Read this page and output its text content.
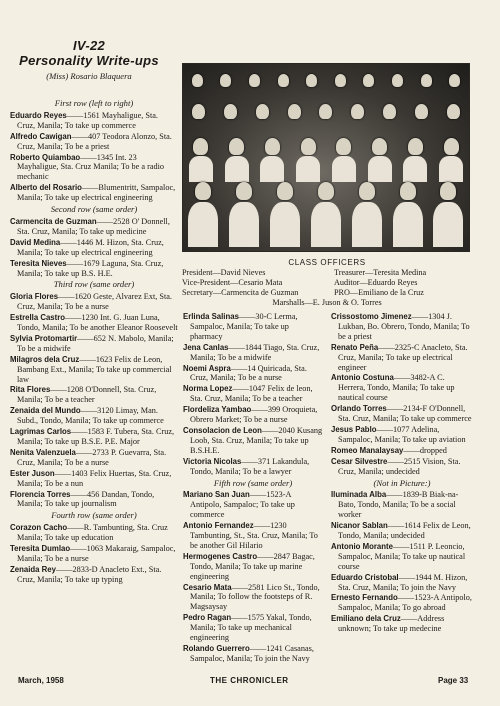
IV-22
Personality Write-ups
(Miss) Rosario Blaquera
CLASS OFFICERS
President—David Nieves
Vice-President—Cesario Mata
Secretary—Carmencita de Guzman
Treasurer—Teresita Medina
Auditor—Eduardo Reyes
PRO—Emiliano de la Cruz
Marshalls—E. Juson & O. Torres
First row (left to right)
Eduardo Reyes——1561 Mayhaligue, Sta. Cruz, Manila; To take up commerce
Alfredo Cawigan——407 Teodora Alonzo, Sta. Cruz, Manila; To be a priest
Roberto Quiambao——1345 Int. 23 Mayhaligue, Sta. Cruz Manila; To be a radio mechanic
Alberto del Rosario——Blumentritt, Sampaloc, Manila; To take up electrical engineering
Second row (same order)
Carmencita de Guzman——2528 O' Donnell, Sta. Cruz, Manila; To take up medicine
David Medina——1446 M. Hizon, Sta. Cruz, Manila; To take up electrical engineering
Teresita Nieves——1679 Laguna, Sta. Cruz, Manila; To take up B.S. H.E.
Third row (same order)
Gloria Flores——1620 Geste, Alvarez Ext, Sta. Cruz, Manila; To be a nurse
Estrella Castro——1230 Int. G. Juan Luna, Tondo, Manila; To be another Eleanor Roosevelt
Sylvia Protomartir——652 N. Mabolo, Manila; To be a midwife
Milagros dela Cruz——1623 Felix de Leon, Bambang Ext., Manila; To take up commercial law
Rita Flores——1208 O'Donnell, Sta. Cruz, Manila; To be a teacher
Zenaida del Mundo——3120 Limay, Man. Subd., Tondo, Manila; To take up commerce
Lagrimas Carlos——1583 F. Tubera, Sta. Cruz, Manila; To take up B.S.E. P.E. Major
Nenita Valenzuela——2733 P. Guevarra, Sta. Cruz, Manila; To be a nurse
Ester Juson——1403 Felix Huertas, Sta. Cruz, Manila; To be a nun
Florencia Torres——456 Dandan, Tondo, Manila; To take up journalism
Fourth row (same order)
Corazon Cacho——R. Tambunting, Sta. Cruz Manila; To take up education
Teresita Dumlao——1063 Makaraig, Sampaloc, Manila; To be a nurse
Zenaida Rey——2833-D Anacleto Ext., Sta. Cruz, Manila; To take up typing
Erlinda Salinas——30-C Lerma, Sampaloc, Manila; To take up pharmacy
Jena Canlas——1844 Tiago, Sta. Cruz, Manila; To be a midwife
Noemi Aspra——14 Quiricada, Sta. Cruz, Manila; To be a nurse
Norma Lopez——1047 Felix de leon, Sta. Cruz, Manila; To be a teacher
Flordeliza Yambao——399 Oroquieta, Obrero Market; To be a nurse
Consolacion de Leon——2040 Kusang Loob, Sta. Cruz, Manila; To take up B.S.H.E.
Victoria Nicolas——371 Lakandula, Tondo, Manila; To be a lawyer
Fifth row (same order)
Mariano San Juan——1523-A Antipolo, Sampaloc; To take up commerce
Antonio Fernandez——1230 Tambunting, St., Sta. Cruz, Manila; To be another Gil Hilario
Hermogenes Castro——2847 Bagac, Tondo, Manila; To take up marine engineering
Cesario Mata——2581 Lico St., Tondo, Manila; To follow the footsteps of R. Magsaysay
Pedro Ragan——1575 Yakal, Tondo, Manila; To take up mechanical engineering
Rolando Guerrero——1241 Casanas, Sampaloc, Manila; To join the Navy
Crissostomo Jimenez——1304 J. Lukban, Bo. Obrero, Tondo, Manila; To be a priest
Renato Peña——2325-C Anacleto, Sta. Cruz, Manila; To take up electrical engineer
Antonio Costuna——3482-A C. Herrera, Tondo, Manila; To take up nautical course
Orlando Torres——2134-F O'Donnell, Sta. Cruz, Manila; To take up commerce
Jesus Pablo——1077 Adelina, Sampaloc, Manila; To take up aviation
Romeo Manalaysay——dropped
Cesar Silvestre——2515 Vision, Sta. Cruz, Manila; undecided
(Not in Picture:)
Iluminada Alba——1839-B Biak-na-Bato, Tondo, Manila; To be a social worker
Nicanor Sablan——1614 Felix de Leon, Tondo, Manila; undecided
Antonio Morante——1511 P. Leoncio, Sampaloc, Manila; To take up nautical course
Eduardo Cristobal——1944 M. Hizon, Sta. Cruz, Manila; To join the Navy
Ernesto Fernando——1523-A Antipolo, Sampaloc, Manila; To go abroad
Emiliano dela Cruz——Address unknown; To take up medecine
March, 1958	THE CHRONICLER	Page 33
